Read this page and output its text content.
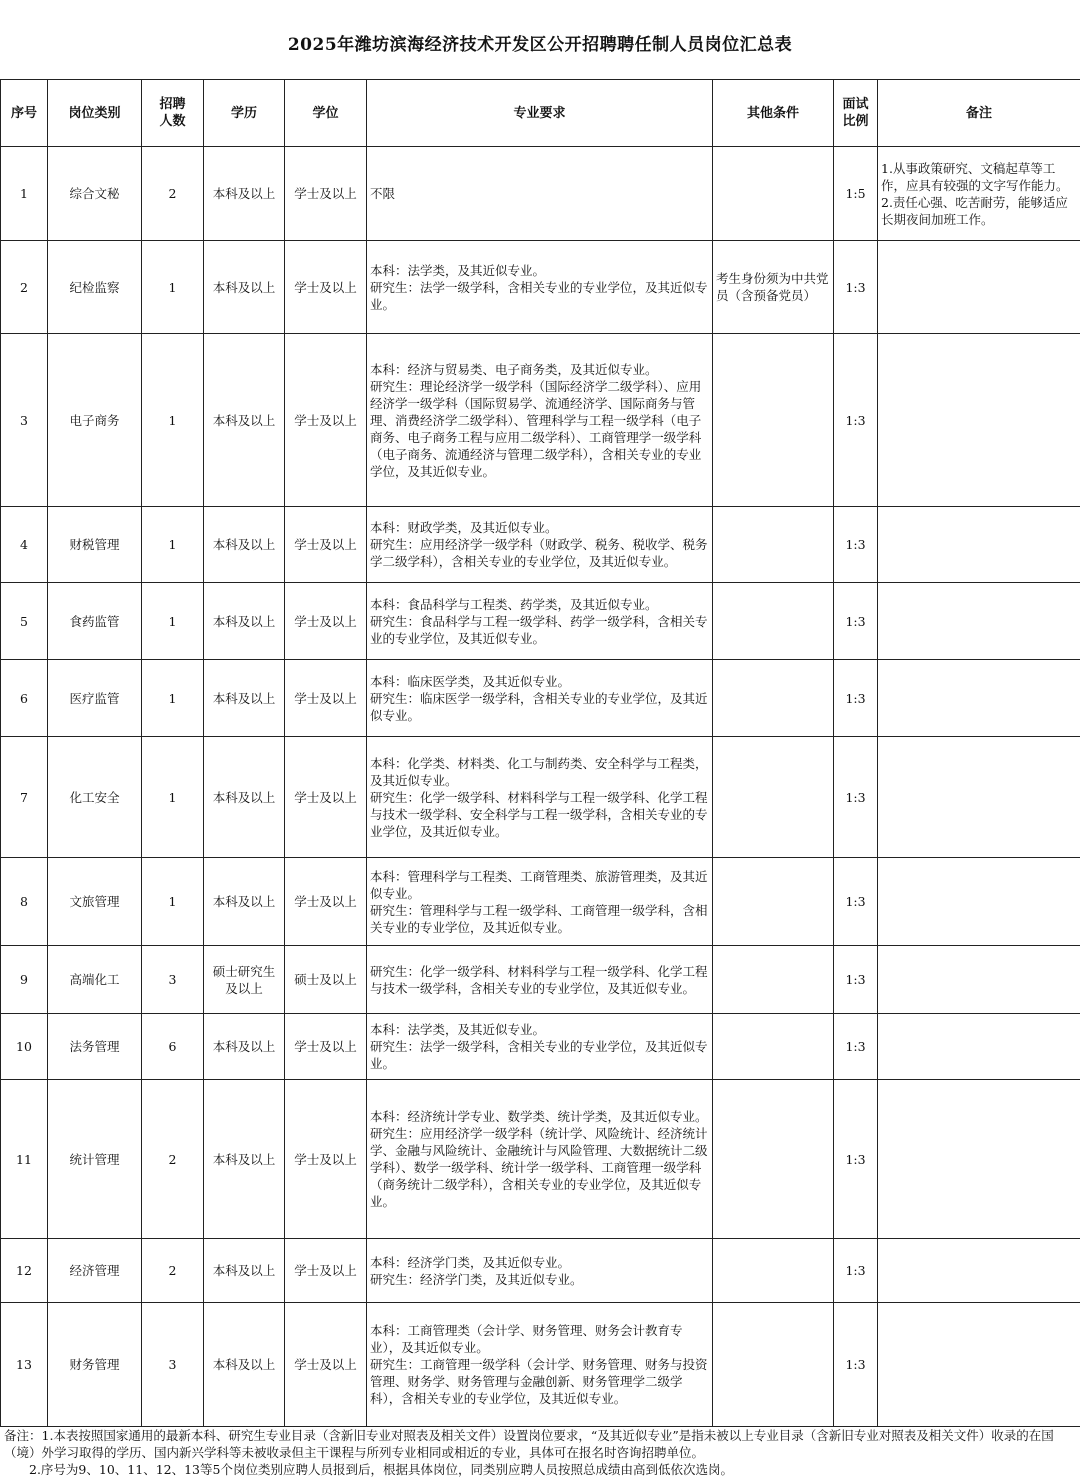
2025年潍坊滨海经济技术开发区公开招聘聘任制人员岗位汇总表
序号	岗位类别	招聘
人数	学历	学位	专业要求	其他条件	面试
比例	备注
1	综合文秘	2	本科及以上	学士及以上	不限		1:5	1.从事政策研究、文稿起草等工作，应具有较强的文字写作能力。
2.责任心强、吃苦耐劳，能够适应长期夜间加班工作。
2	纪检监察	1	本科及以上	学士及以上	本科：法学类，及其近似专业。
研究生：法学一级学科，含相关专业的专业学位，及其近似专业。	考生身份须为中共党员（含预备党员）	1:3	
3	电子商务	1	本科及以上	学士及以上	本科：经济与贸易类、电子商务类，及其近似专业。
研究生：理论经济学一级学科（国际经济学二级学科）、应用经济学一级学科（国际贸易学、流通经济学、国际商务与管理、消费经济学二级学科）、管理科学与工程一级学科（电子商务、电子商务工程与应用二级学科）、工商管理学一级学科（电子商务、流通经济与管理二级学科），含相关专业的专业学位，及其近似专业。		1:3	
4	财税管理	1	本科及以上	学士及以上	本科：财政学类，及其近似专业。
研究生：应用经济学一级学科（财政学、税务、税收学、税务学二级学科），含相关专业的专业学位，及其近似专业。		1:3	
5	食药监管	1	本科及以上	学士及以上	本科：食品科学与工程类、药学类，及其近似专业。
研究生：食品科学与工程一级学科、药学一级学科，含相关专业的专业学位，及其近似专业。		1:3	
6	医疗监管	1	本科及以上	学士及以上	本科：临床医学类，及其近似专业。
研究生：临床医学一级学科，含相关专业的专业学位，及其近似专业。		1:3	
7	化工安全	1	本科及以上	学士及以上	本科：化学类、材料类、化工与制药类、安全科学与工程类，及其近似专业。
研究生：化学一级学科、材料科学与工程一级学科、化学工程与技术一级学科、安全科学与工程一级学科，含相关专业的专业学位，及其近似专业。		1:3	
8	文旅管理	1	本科及以上	学士及以上	本科：管理科学与工程类、工商管理类、旅游管理类，及其近似专业。
研究生：管理科学与工程一级学科、工商管理一级学科，含相关专业的专业学位，及其近似专业。		1:3	
9	高端化工	3	硕士研究生及以上	硕士及以上	研究生：化学一级学科、材料科学与工程一级学科、化学工程与技术一级学科，含相关专业的专业学位，及其近似专业。		1:3	
10	法务管理	6	本科及以上	学士及以上	本科：法学类，及其近似专业。
研究生：法学一级学科，含相关专业的专业学位，及其近似专业。		1:3	
11	统计管理	2	本科及以上	学士及以上	本科：经济统计学专业、数学类、统计学类，及其近似专业。
研究生：应用经济学一级学科（统计学、风险统计、经济统计学、金融与风险统计、金融统计与风险管理、大数据统计二级学科）、数学一级学科、统计学一级学科、工商管理一级学科（商务统计二级学科），含相关专业的专业学位，及其近似专业。		1:3	
12	经济管理	2	本科及以上	学士及以上	本科：经济学门类，及其近似专业。
研究生：经济学门类，及其近似专业。		1:3	
13	财务管理	3	本科及以上	学士及以上	本科：工商管理类（会计学、财务管理、财务会计教育专业），及其近似专业。
研究生：工商管理一级学科（会计学、财务管理、财务与投资管理、财务学、财务管理与金融创新、财务管理学二级学科），含相关专业的专业学位，及其近似专业。		1:3	
备注：1.本表按照国家通用的最新本科、研究生专业目录（含新旧专业对照表及相关文件）设置岗位要求，“及其近似专业”是指未被以上专业目录（含新旧专业对照表及相关文件）收录的在国（境）外学习取得的学历、国内新兴学科等未被收录但主干课程与所列专业相同或相近的专业，具体可在报名时咨询招聘单位。
　　2.序号为9、10、11、12、13等5个岗位类别应聘人员报到后，根据具体岗位，同类别应聘人员按照总成绩由高到低依次选岗。
